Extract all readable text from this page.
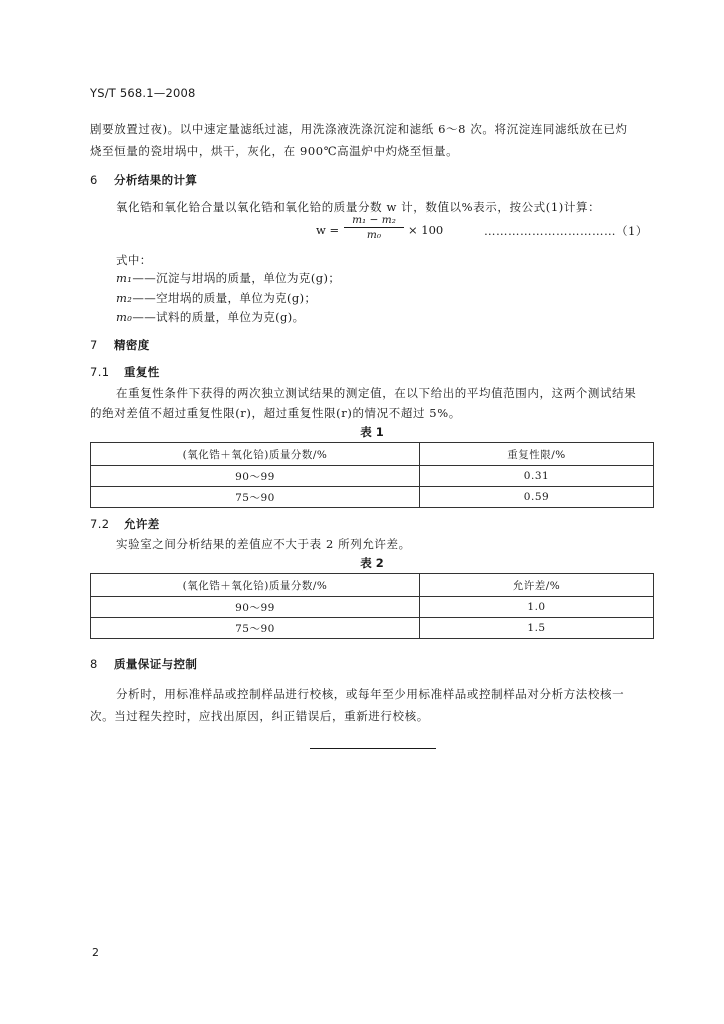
YS/T 568.1—2008
剧要放置过夜)。以中速定量滤纸过滤，用洗涤液洗涤沉淀和滤纸 6～8 次。将沉淀连同滤纸放在已灼
烧至恒量的瓷坩埚中，烘干，灰化，在 900℃高温炉中灼烧至恒量。
6 分析结果的计算
氧化锆和氧化铪合量以氧化锆和氧化铪的质量分数 w 计，数值以%表示，按公式(1)计算：
w =
m₁ − m₂
m₀	× 100	……………………………（1）
式中：
m₁——沉淀与坩埚的质量，单位为克(g)；
m₂——空坩埚的质量，单位为克(g)；
m₀——试料的质量，单位为克(g)。
7 精密度
7.1 重复性
在重复性条件下获得的两次独立测试结果的测定值，在以下给出的平均值范围内，这两个测试结果
的绝对差值不超过重复性限(r)，超过重复性限(r)的情况不超过 5%。
表 1
(氧化锆＋氧化铪)质量分数/%	重复性限/%
90～99	0.31
75～90	0.59
7.2 允许差
实验室之间分析结果的差值应不大于表 2 所列允许差。
表 2
(氧化锆＋氧化铪)质量分数/%	允许差/%
90～99	1.0
75～90	1.5
8 质量保证与控制
分析时，用标准样品或控制样品进行校核，或每年至少用标准样品或控制样品对分析方法校核一
次。当过程失控时，应找出原因，纠正错误后，重新进行校核。
2
